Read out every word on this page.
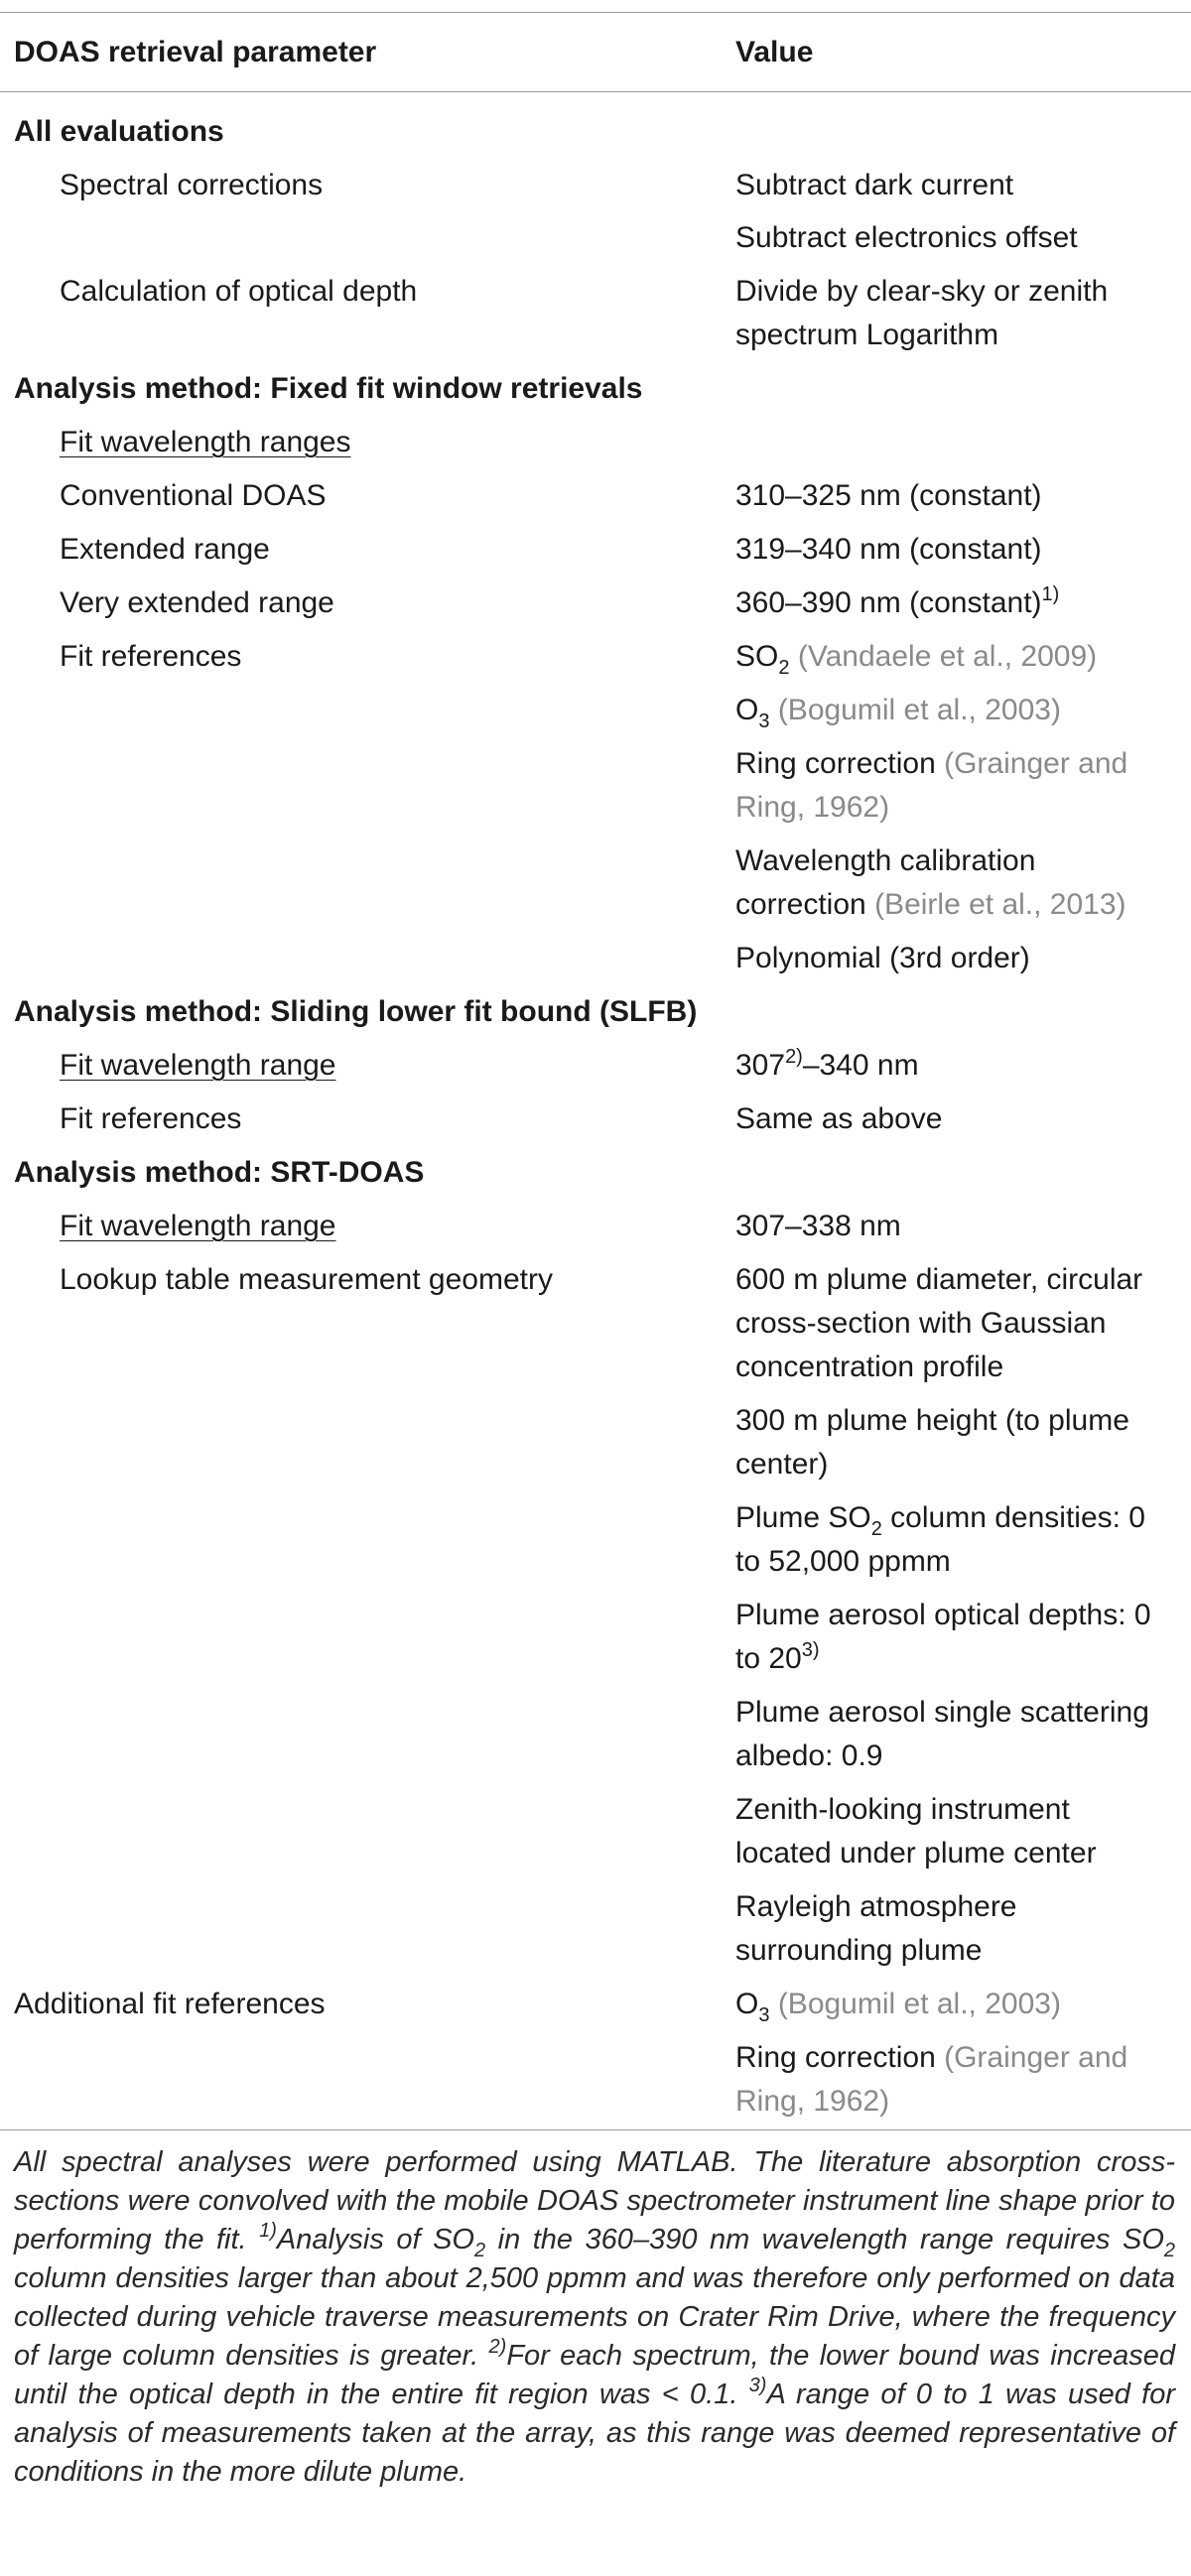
DOAS retrieval parameter	Value
All evaluations
Spectral corrections	Subtract dark current
Subtract electronics offset
Calculation of optical depth	Divide by clear-sky or zenith
spectrum Logarithm
Analysis method: Fixed fit window retrievals
Fit wavelength ranges
Conventional DOAS	310–325 nm (constant)
Extended range	319–340 nm (constant)
Very extended range	360–390 nm (constant)$^{1)}$
Fit references	$SO_2$ (Vandaele et al., 2009)
$O_3$ (Bogumil et al., 2003)
Ring correction (Grainger and
Ring, 1962)
Wavelength calibration
correction (Beirle et al., 2013)
Polynomial (3rd order)
Analysis method: Sliding lower fit bound (SLFB)
Fit wavelength range	307$^{2)}$–340 nm
Fit references	Same as above
Analysis method: SRT-DOAS
Fit wavelength range	307–338 nm
Lookup table measurement geometry	600 m plume diameter, circular
cross-section with Gaussian
concentration profile
300 m plume height (to plume
center)
Plume $SO_2$ column densities: 0
to 52,000 ppmm
Plume aerosol optical depths: 0
to 20$^{3)}$
Plume aerosol single scattering
albedo: 0.9
Zenith-looking instrument
located under plume center
Rayleigh atmosphere
surrounding plume
Additional fit references	$O_3$ (Bogumil et al., 2003)
Ring correction (Grainger and
Ring, 1962)
All spectral analyses were performed using MATLAB. The literature absorption cross-sections were convolved with the mobile DOAS spectrometer instrument line shape prior to performing the fit. $^{1)}$Analysis of $SO_2$ in the 360–390 nm wavelength range requires $SO_2$ column densities larger than about 2,500 ppmm and was therefore only performed on data collected during vehicle traverse measurements on Crater Rim Drive, where the frequency of large column densities is greater. $^{2)}$For each spectrum, the lower bound was increased until the optical depth in the entire fit region was < 0.1. $^{3)}$A range of 0 to 1 was used for analysis of measurements taken at the array, as this range was deemed representative of conditions in the more dilute plume.
